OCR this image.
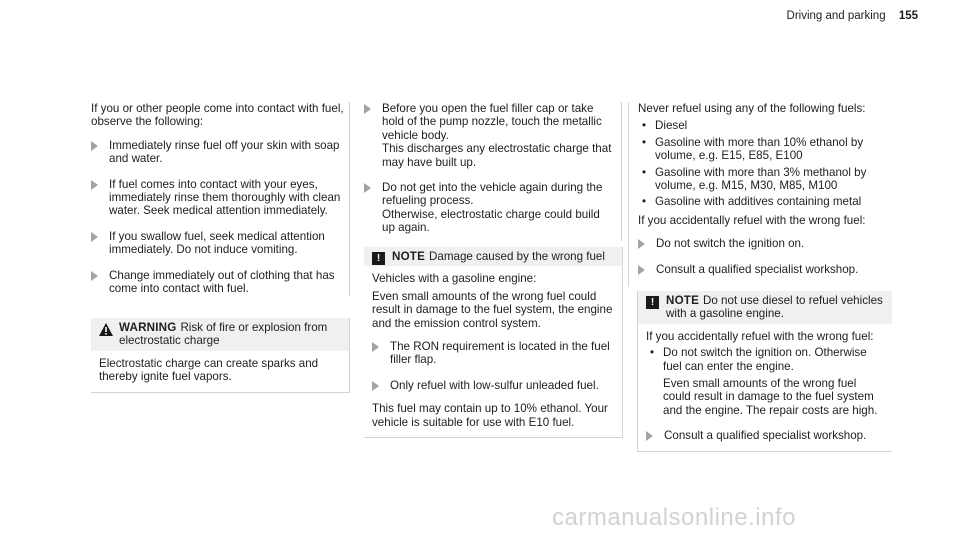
Driving and parking 155

If you or other people come into contact with fuel, observe the following:

Immediately rinse fuel off your skin with soap and water.
If fuel comes into contact with your eyes, immediately rinse them thoroughly with clean water. Seek medical attention immediately.
If you swallow fuel, seek medical attention immediately. Do not induce vomiting.
Change immediately out of clothing that has come into contact with fuel.
WARNING Risk of fire or explosion from electrostatic charge
Electrostatic charge can create sparks and thereby ignite fuel vapors.
Before you open the fuel filler cap or take hold of the pump nozzle, touch the metallic vehicle body.
This discharges any electrostatic charge that may have built up.
Do not get into the vehicle again during the refueling process.
Otherwise, electrostatic charge could build up again.
!	NOTE Damage caused by the wrong fuel

Vehicles with a gasoline engine:

Even small amounts of the wrong fuel could result in damage to the fuel system, the engine and the emission control system.

The RON requirement is located in the fuel filler flap.
Only refuel with low-sulfur unleaded fuel.

This fuel may contain up to 10% ethanol. Your vehicle is suitable for use with E10 fuel.

Never refuel using any of the following fuels:

• Diesel
• Gasoline with more than 10% ethanol by volume, e.g. E15, E85, E100
• Gasoline with more than 3% methanol by volume, e.g. M15, M30, M85, M100
• Gasoline with additives containing metal

If you accidentally refuel with the wrong fuel:

Do not switch the ignition on.
Consult a qualified specialist workshop.
!	NOTE Do not use diesel to refuel vehicles with a gasoline engine.

If you accidentally refuel with the wrong fuel:

• Do not switch the ignition on. Otherwise fuel can enter the engine.

Even small amounts of the wrong fuel could result in damage to the fuel system and the engine. The repair costs are high.

Consult a qualified specialist workshop.
carmanualsonline.info
